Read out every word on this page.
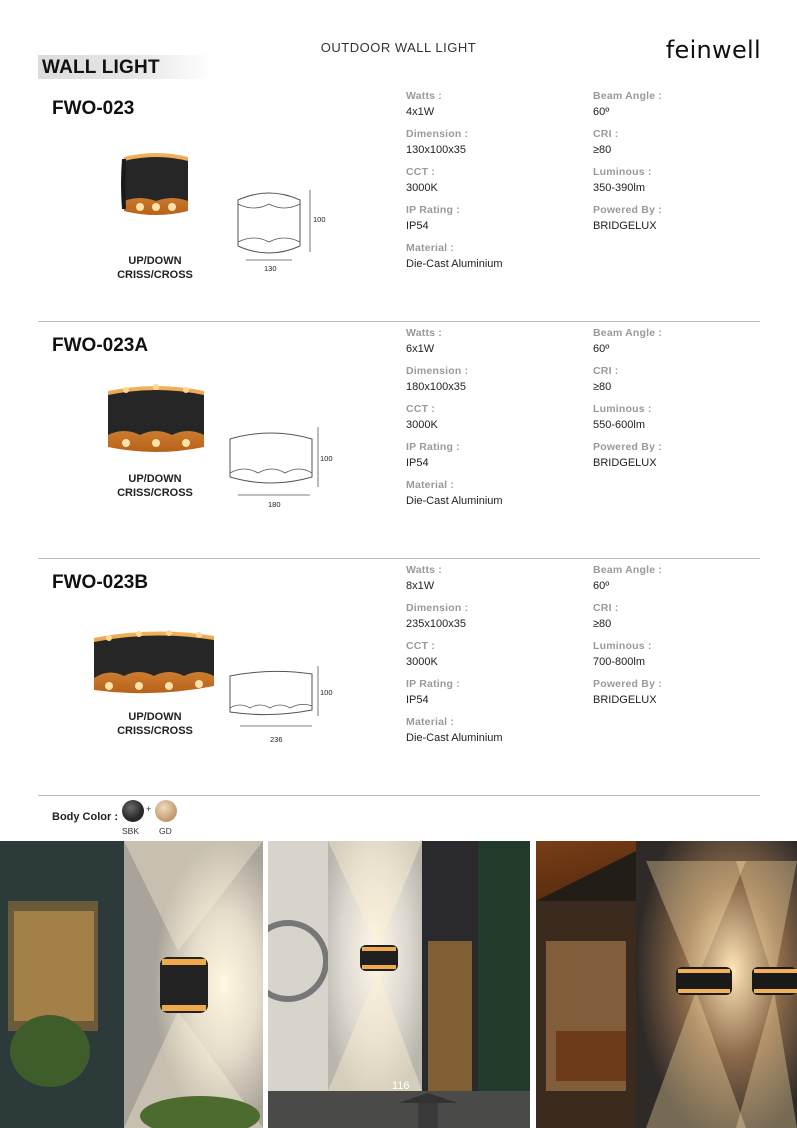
OUTDOOR WALL LIGHT	feinwell
WALL LIGHT
FWO-023
100
130
UP/DOWN
CRISS/CROSS
Watts :
4x1W
Dimension :
130x100x35
CCT :
3000K
IP Rating :
IP54
Material :
Die-Cast Aluminium
Beam Angle :
60º
CRI :
≥80
Luminous :
350-390lm
Powered By :
BRIDGELUX
FWO-023A
100
180
UP/DOWN
CRISS/CROSS
Watts :
6x1W
Dimension :
180x100x35
CCT :
3000K
IP Rating :
IP54
Material :
Die-Cast Aluminium
Beam Angle :
60º
CRI :
≥80
Luminous :
550-600lm
Powered By :
BRIDGELUX
FWO-023B
100
236
UP/DOWN
CRISS/CROSS
Watts :
8x1W
Dimension :
235x100x35
CCT :
3000K
IP Rating :
IP54
Material :
Die-Cast Aluminium
Beam Angle :
60º
CRI :
≥80
Luminous :
700-800lm
Powered By :
BRIDGELUX
Body Color :
+
SBK GD
116
